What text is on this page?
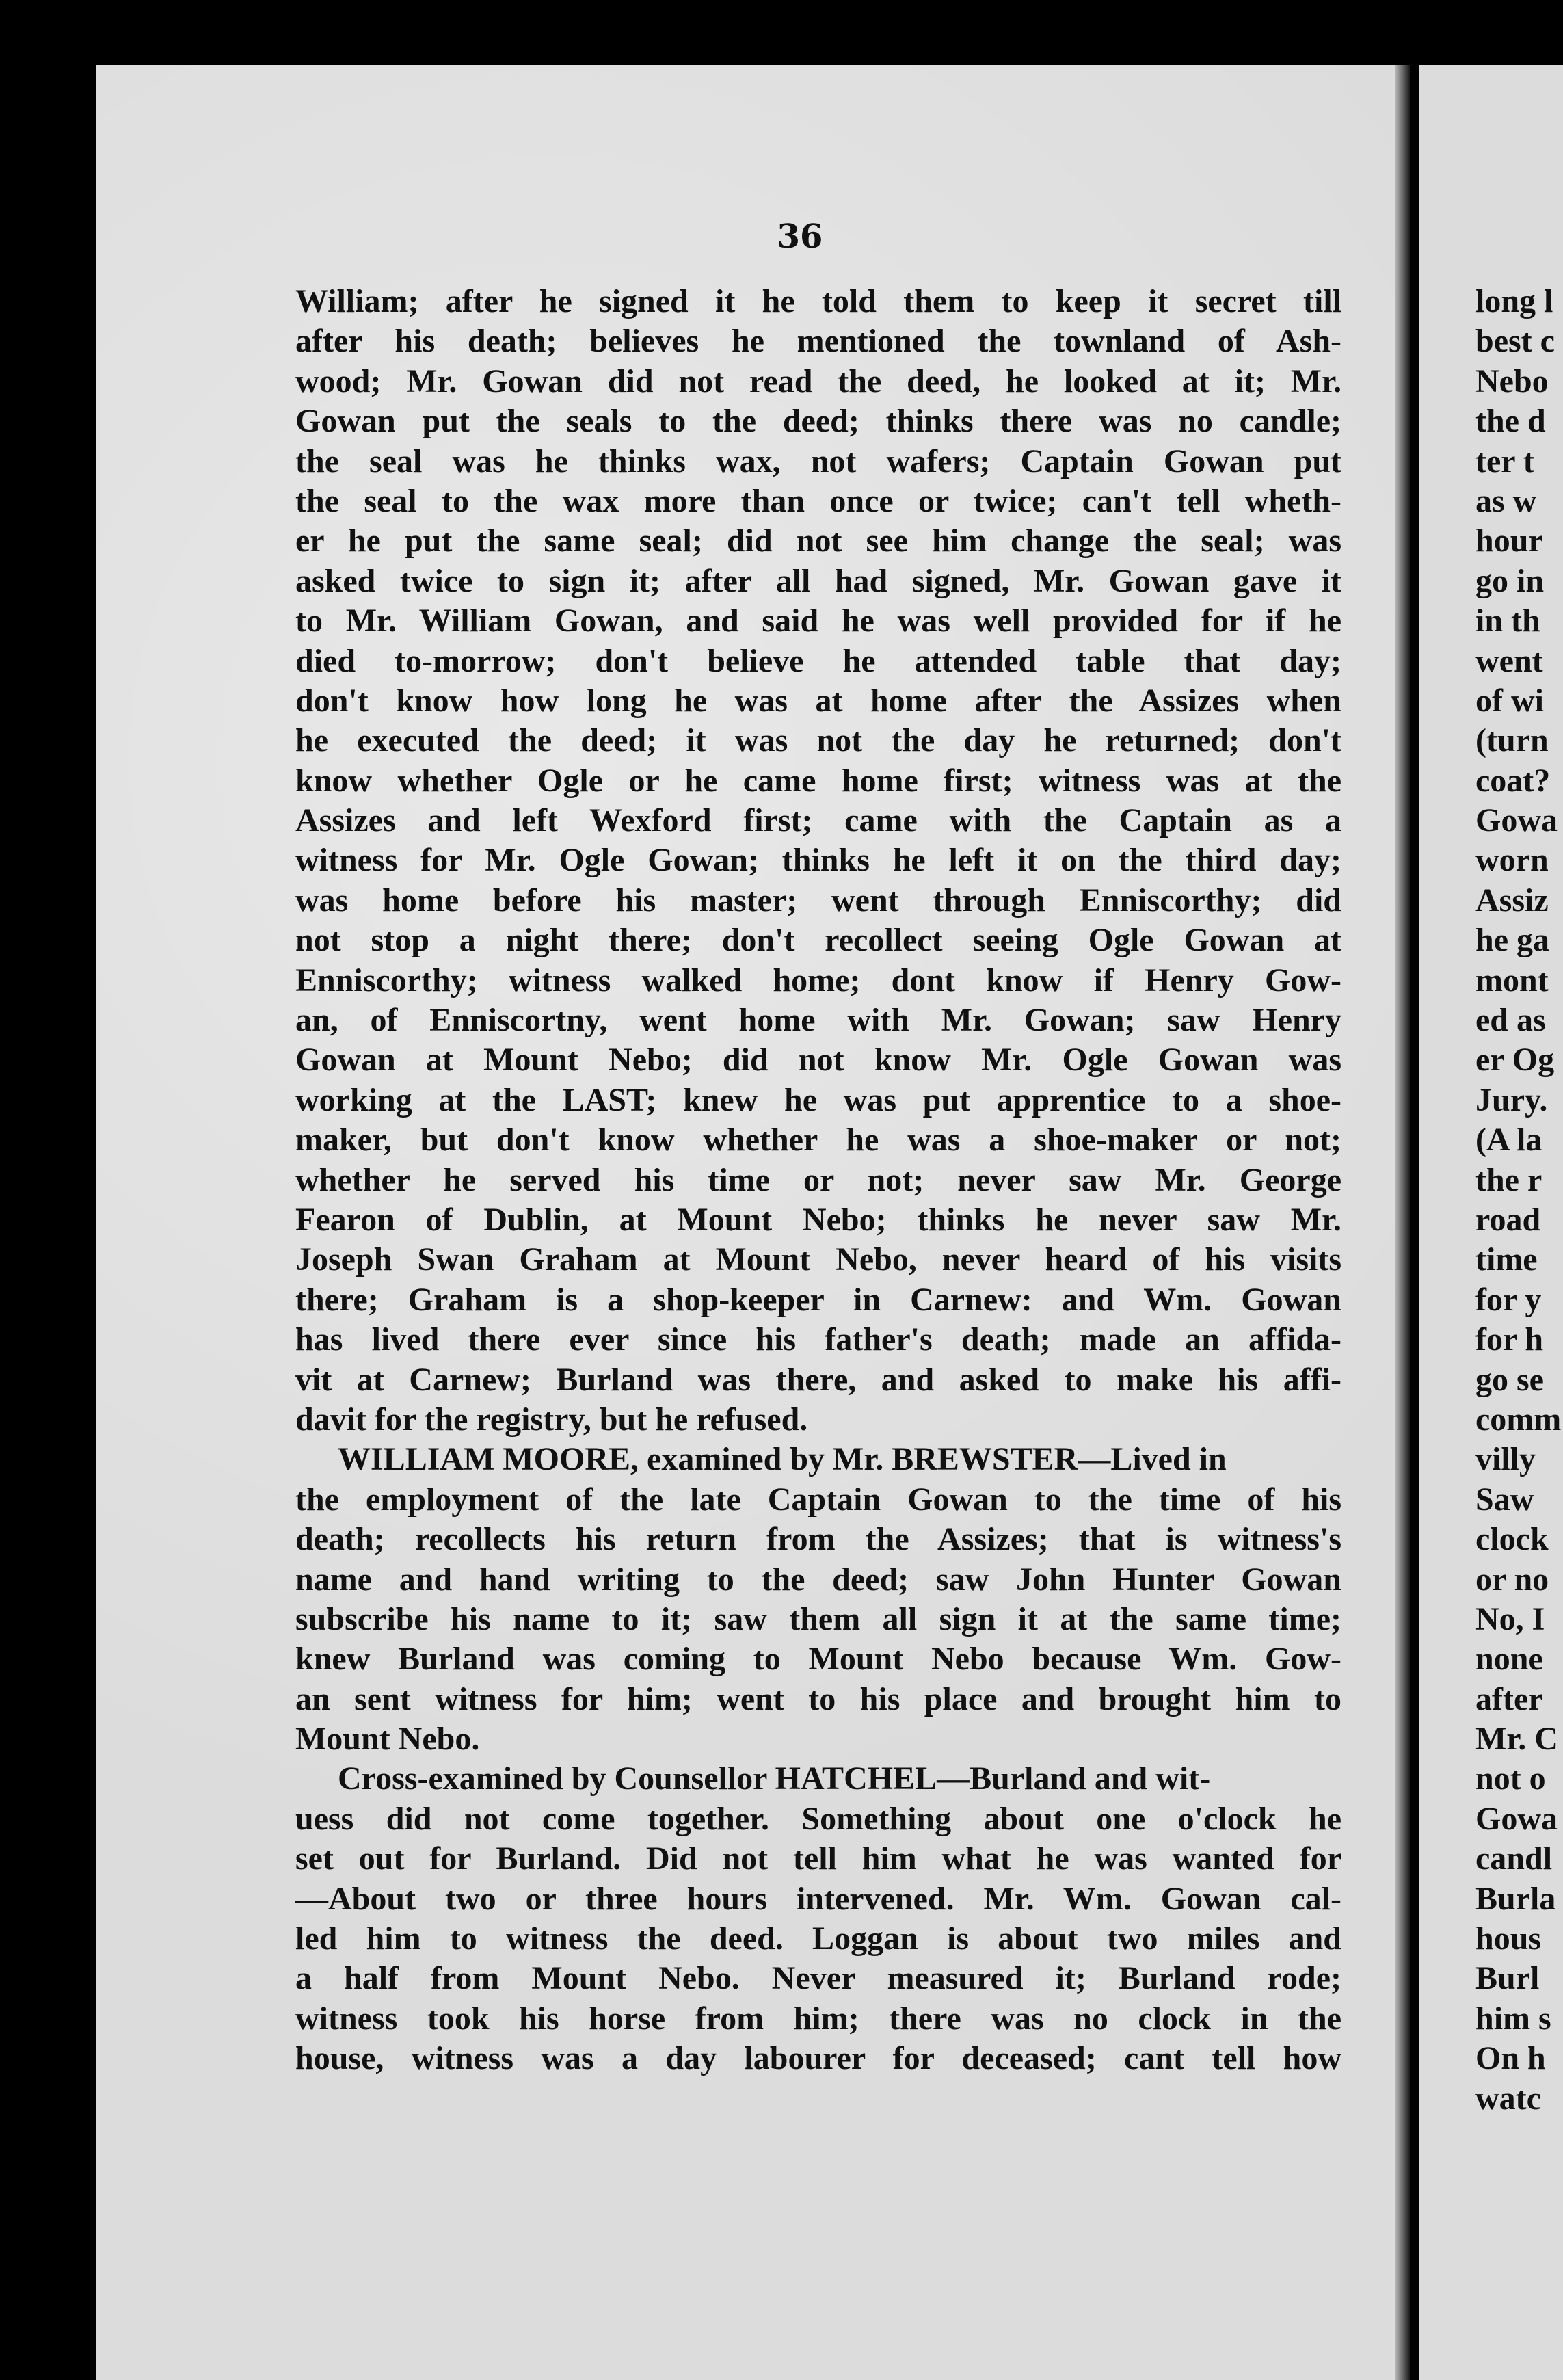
36
William; after he signed it he told them to keep it secret till
after his death; believes he mentioned the townland of Ash-
wood; Mr. Gowan did not read the deed, he looked at it; Mr.
Gowan put the seals to the deed; thinks there was no candle;
the seal was he thinks wax, not wafers; Captain Gowan put
the seal to the wax more than once or twice; can't tell wheth-
er he put the same seal; did not see him change the seal; was
asked twice to sign it; after all had signed, Mr. Gowan gave it
to Mr. William Gowan, and said he was well provided for if he
died to-morrow; don't believe he attended table that day;
don't know how long he was at home after the Assizes when
he executed the deed; it was not the day he returned; don't
know whether Ogle or he came home first; witness was at the
Assizes and left Wexford first; came with the Captain as a
witness for Mr. Ogle Gowan; thinks he left it on the third day;
was home before his master; went through Enniscorthy; did
not stop a night there; don't recollect seeing Ogle Gowan at
Enniscorthy; witness walked home; dont know if Henry Gow-
an, of Enniscortny, went home with Mr. Gowan; saw Henry
Gowan at Mount Nebo; did not know Mr. Ogle Gowan was
working at the LAST; knew he was put apprentice to a shoe-
maker, but don't know whether he was a shoe-maker or not;
whether he served his time or not; never saw Mr. George
Fearon of Dublin, at Mount Nebo; thinks he never saw Mr.
Joseph Swan Graham at Mount Nebo, never heard of his visits
there; Graham is a shop-keeper in Carnew: and Wm. Gowan
has lived there ever since his father's death; made an affida-
vit at Carnew; Burland was there, and asked to make his affi-
davit for the registry, but he refused.
WILLIAM MOORE, examined by Mr. BREWSTER—Lived in
the employment of the late Captain Gowan to the time of his
death; recollects his return from the Assizes; that is witness's
name and hand writing to the deed; saw John Hunter Gowan
subscribe his name to it; saw them all sign it at the same time;
knew Burland was coming to Mount Nebo because Wm. Gow-
an sent witness for him; went to his place and brought him to
Mount Nebo.
Cross-examined by Counsellor HATCHEL—Burland and wit-
uess did not come together. Something about one o'clock he
set out for Burland. Did not tell him what he was wanted for
—About two or three hours intervened. Mr. Wm. Gowan cal-
led him to witness the deed. Loggan is about two miles and
a half from Mount Nebo. Never measured it; Burland rode;
witness took his horse from him; there was no clock in the
house, witness was a day labourer for deceased; cant tell how
long l
best c
Nebo
the d
ter t
as w
hour
go in
in th
went
of wi
(turn
coat?
Gowa
worn
Assiz
he ga
mont
ed as
er Og
Jury.
(A la
the r
road
time
for y
for h
go se
comm
villy
Saw
clock
or no
No, I
none
after
Mr. C
not o
Gowa
candl
Burla
hous
Burl
him s
On h
watc
